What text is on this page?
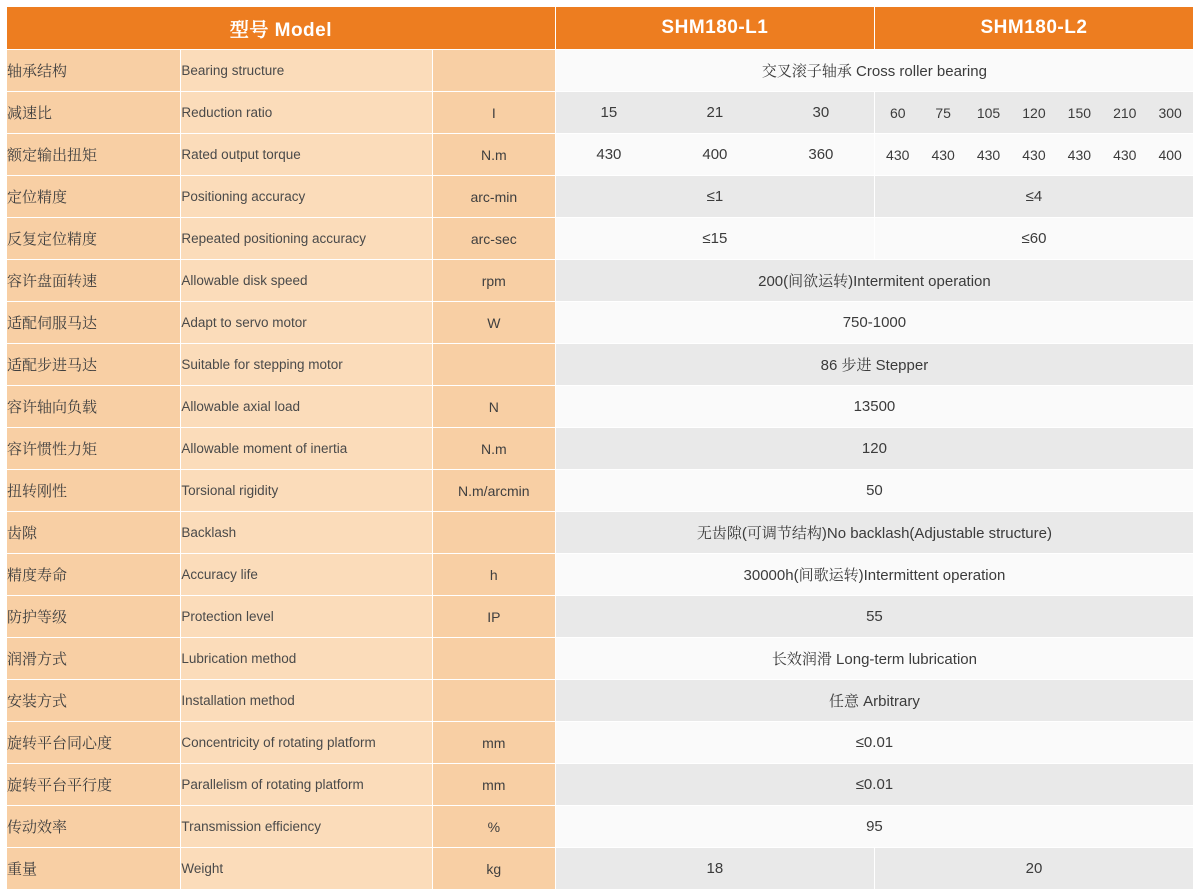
型号 Model			SHM180-L1	SHM180-L2
轴承结构	Bearing structure		交叉滚子轴承 Cross roller bearing	
减速比	Reduction ratio	I	15	21	30	60	75	105	120	150	210	300

额定输出扭矩	Rated output torque	N.m	430	400	360	430	430	430	430	430	430	400

定位精度	Positioning accuracy	arc-min	≤1	≤4
反复定位精度	Repeated positioning accuracy	arc-sec	≤15	≤60
容许盘面转速	Allowable disk speed	rpm	200(间欲运转)Intermitent operation	
适配伺服马达	Adapt to servo motor	W	750-1000	
适配步进马达	Suitable for stepping motor		86 步进 Stepper	
容许轴向负载	Allowable axial load	N	13500	
容许惯性力矩	Allowable moment of inertia	N.m	120	
扭转刚性	Torsional rigidity	N.m/arcmin	50	
齿隙	Backlash		无齿隙(可调节结构)No backlash(Adjustable structure)	
精度寿命	Accuracy life	h	30000h(间歌运转)Intermittent operation	
防护等级	Protection level	IP	55	
润滑方式	Lubrication method		长效润滑 Long-term lubrication	
安装方式	Installation method		任意 Arbitrary	
旋转平台同心度	Concentricity of rotating platform	mm	≤0.01	
旋转平台平行度	Parallelism of rotating platform	mm	≤0.01	
传动效率	Transmission efficiency	%	95	
重量	Weight	kg	18	20
